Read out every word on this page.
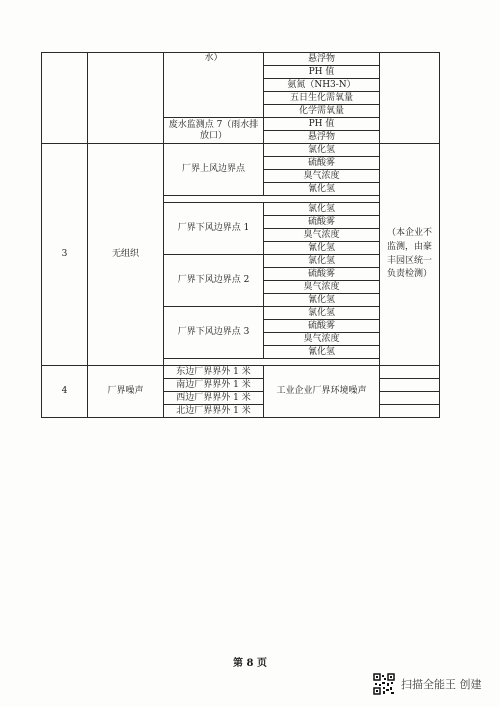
		水）	悬浮物	
			PH 值	
			氨氮（NH3-N）	
			五日生化需氧量	
			化学需氧量	
		废水监测点 7（雨水排放口）	PH 值	
			悬浮物	
3	无组织	厂界上风边界点	氯化氢	（本企业不监测，由豪丰园区统一负责检测）
			硫酸雾	
			臭气浓度	
			氰化氢	

		厂界下风边界点 1	氯化氢	
			硫酸雾	
			臭气浓度	
			氰化氢	
		厂界下风边界点 2	氯化氢	
			硫酸雾	
			臭气浓度	
			氰化氢	
		厂界下风边界点 3	氯化氢	
			硫酸雾	
			臭气浓度	
			氰化氢	

4	厂界噪声	东边厂界界外 1 米	工业企业厂界环境噪声	
		南边厂界界外 1 米		
		西边厂界界外 1 米		
		北边厂界界外 1 米		
第 8 页
扫描全能王 创建
